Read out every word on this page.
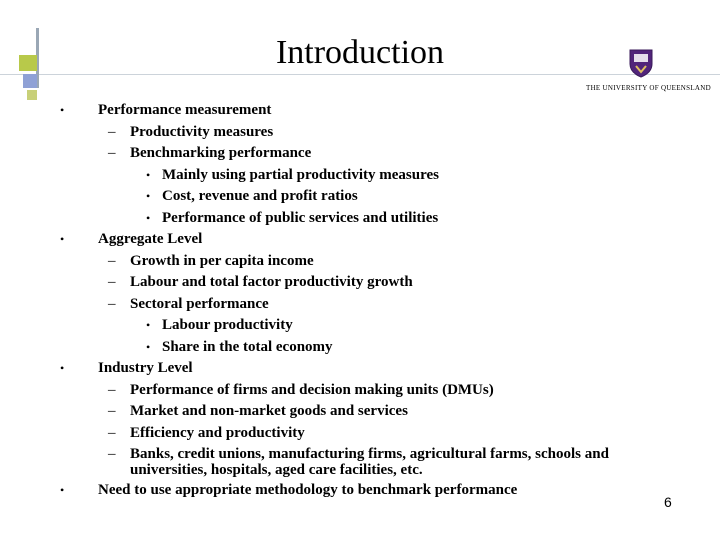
Introduction
THE UNIVERSITY OF QUEENSLAND
• Performance measurement
– Productivity measures
– Benchmarking performance
• Mainly using partial productivity measures
• Cost, revenue and profit ratios
• Performance of public services and utilities
• Aggregate Level
– Growth in per capita income
– Labour and total factor productivity growth
– Sectoral performance
• Labour productivity
• Share in the total economy
• Industry Level
– Performance of firms and decision making units (DMUs)
– Market and non-market goods and services
– Efficiency and productivity
– Banks, credit unions, manufacturing firms, agricultural farms, schools and universities, hospitals, aged care facilities, etc.
• Need to use appropriate methodology to benchmark performance
6
